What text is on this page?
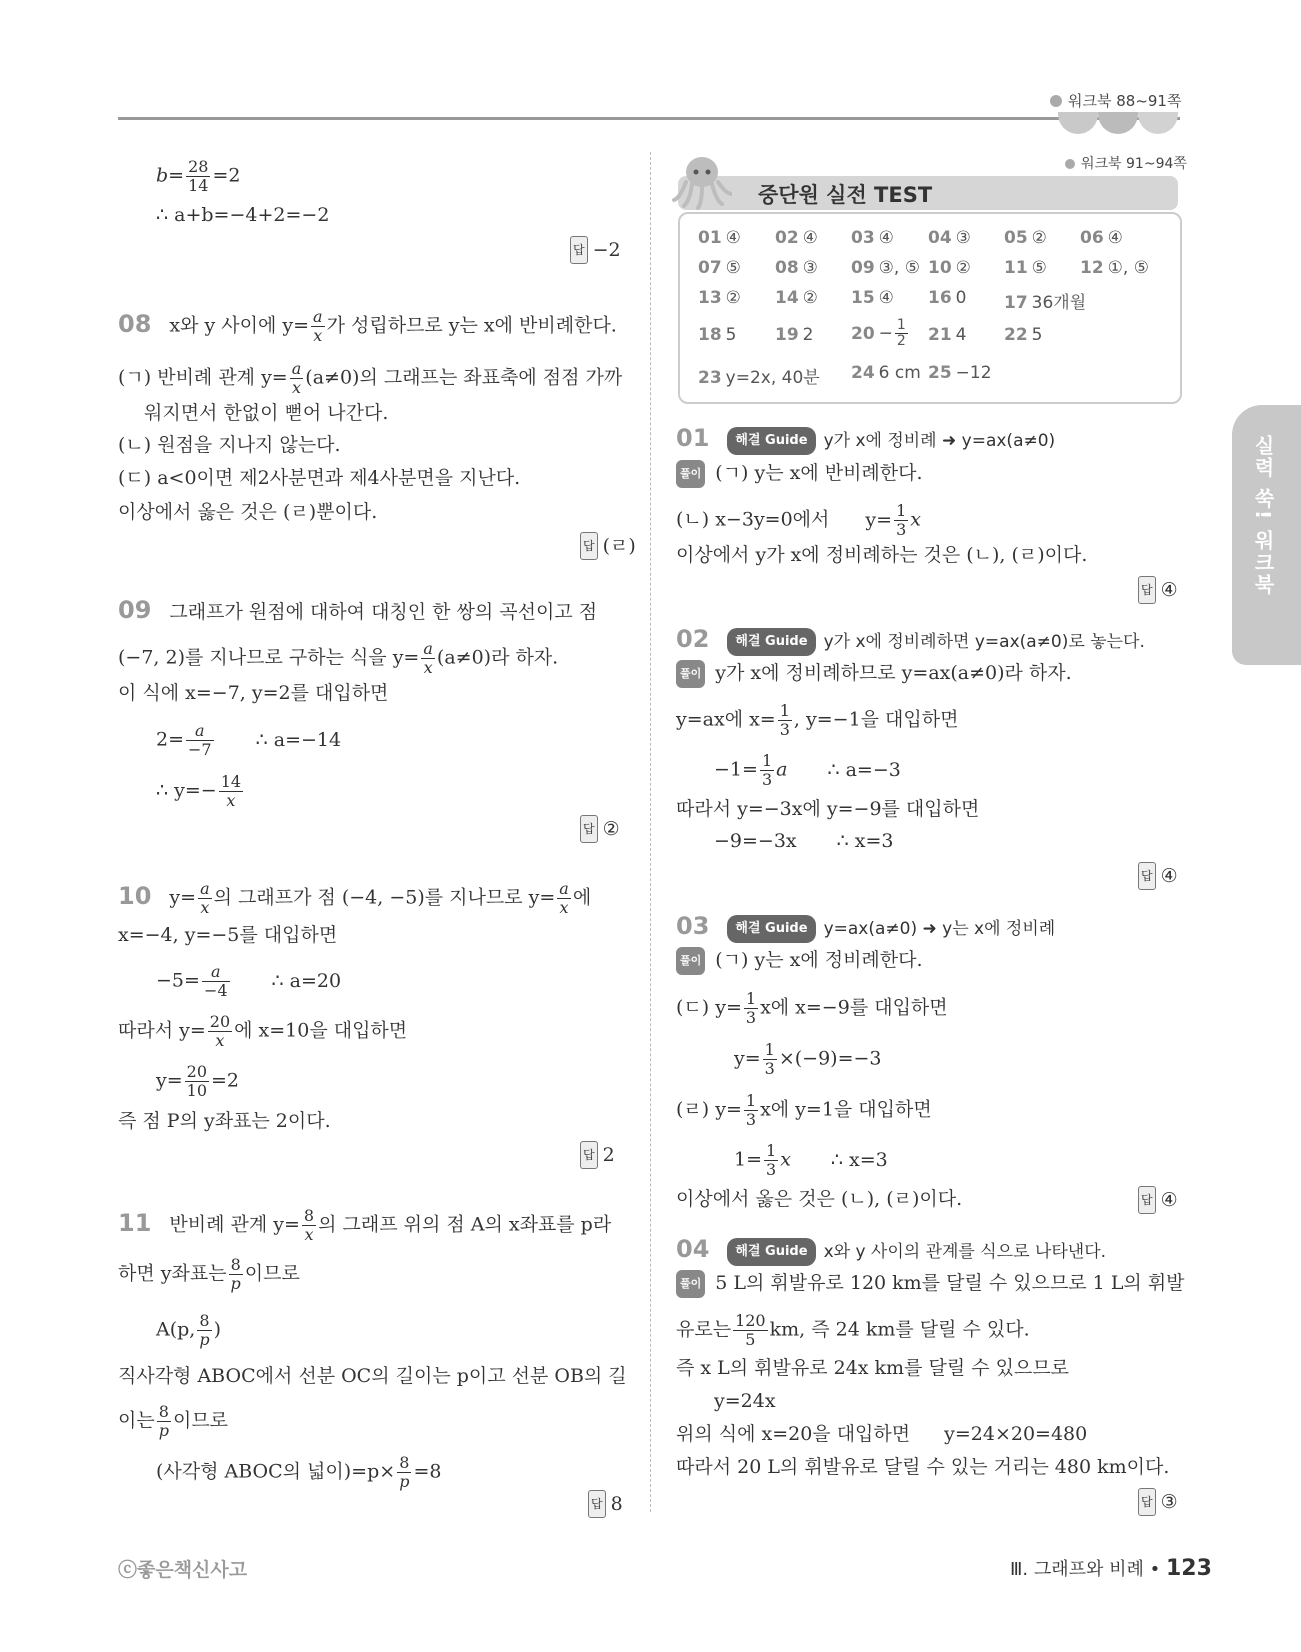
워크북 88~91쪽
$b= \frac{28}{14} =2$
∴ a+b=−4+2=−2
답 −2
08 x와 y 사이에 $y= \frac{a}{x}$ 가 성립하므로 y는 x에 반비례한다.
(ㄱ) 반비례 관계 $y= \frac{a}{x} (a\ne 0)$의 그래프는 좌표축에 점점 가까
워지면서 한없이 뻗어 나간다.
(ㄴ) 원점을 지나지 않는다.
(ㄷ) a<0이면 제2사분면과 제4사분면을 지난다.
이상에서 옳은 것은 (ㄹ)뿐이다.
답 (ㄹ)
09 그래프가 원점에 대하여 대칭인 한 쌍의 곡선이고 점
(−7, 2)를 지나므로 구하는 식을 $y= \frac{a}{x} (a\ne 0)$라 하자.
이 식에 x=−7, y=2를 대입하면
$2= \frac{a}{-7}$ ∴ a=−14
∴ $y=- \frac{14}{x}$
답 ②
10 $y= \frac{a}{x}$ 의 그래프가 점 (−4, −5)를 지나므로 $y= \frac{a}{x}$ 에
x=−4, y=−5를 대입하면
$-5= \frac{a}{-4}$ ∴ a=20
따라서 $y= \frac{20}{x}$ 에 x=10을 대입하면
$y= \frac{20}{10} =2$
즉 점 P의 y좌표는 2이다.
답 2
11 반비례 관계 $y= \frac{8}{x}$ 의 그래프 위의 점 A의 x좌표를 p라
하면 y좌표는 $\frac{8}{p}$ 이므로
A(p, $\frac{8}{p}$ )
직사각형 ABOC에서 선분 OC의 길이는 p이고 선분 OB의 길
이는 $\frac{8}{p}$ 이므로
(사각형 ABOC의 넓이)$=p\times \frac{8}{p} =8$
답 8
워크북 91~94쪽
중단원 실전 TEST
01 ④ 02 ④ 03 ④ 04 ③ 05 ② 06 ④
07 ⑤ 08 ③ 09 ③, ⑤ 10 ② 11 ⑤ 12 ①, ⑤
13 ② 14 ② 15 ④ 16 0 17 36개월
18 5 19 2 $20 - \frac{1}{2} 21$ 4 22 5
23 y=2x, 40분 24 6 cm 25 −12
01 해결 Guide y가 x에 정비례 ➜ y=ax(a≠0)
풀이 (ㄱ) y는 x에 반비례한다.
(ㄴ) x−3y=0에서 $y= \frac{1}{3}$ x
이상에서 y가 x에 정비례하는 것은 (ㄴ), (ㄹ)이다.
답 ④
02 해결 Guide y가 x에 정비례하면 y=ax(a≠0)로 놓는다.
풀이 y가 x에 정비례하므로 y=ax(a≠0)라 하자.
y=ax에 $x= \frac{1}{3}$ , y=−1을 대입하면
$-1= \frac{1}{3}$ a ∴ a=−3
따라서 y=−3x에 y=−9를 대입하면
−9=−3x ∴ x=3
답 ④
03 해결 Guide y=ax(a≠0) ➜ y는 x에 정비례
풀이 (ㄱ) y는 x에 정비례한다.
(ㄷ) $y= \frac{1}{3}$ x에 x=−9를 대입하면
$y= \frac{1}{3} \times(-9)=-3$
(ㄹ) $y= \frac{1}{3}$ x에 y=1을 대입하면
$1= \frac{1}{3}$ x ∴ x=3
이상에서 옳은 것은 (ㄴ), (ㄹ)이다.	답 ④
04 해결 Guide x와 y 사이의 관계를 식으로 나타낸다.
풀이 5 L의 휘발유로 120 km를 달릴 수 있으므로 1 L의 휘발
유로는 $\frac{120}{5}$ km, 즉 24 km를 달릴 수 있다.
즉 x L의 휘발유로 24x km를 달릴 수 있으므로
y=24x
위의 식에 x=20을 대입하면 y=24×20=480
따라서 20 L의 휘발유로 달릴 수 있는 거리는 480 km이다.
답 ③
실력 쑥! 워크북
ⓒ좋은책신사고	Ⅲ. 그래프와 비례 • 123
